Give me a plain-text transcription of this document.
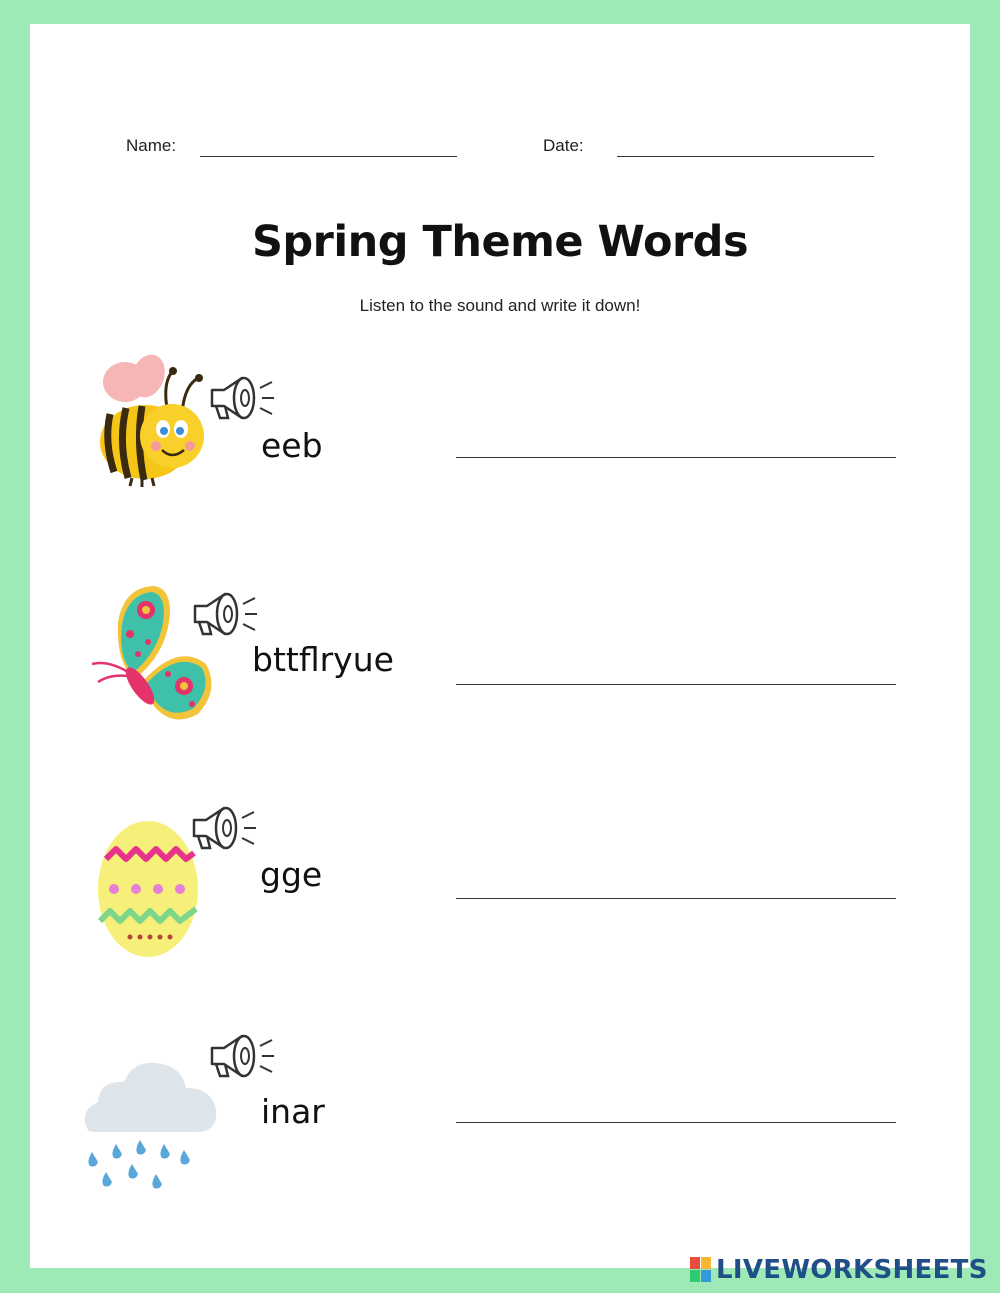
Name:	Date:
Spring Theme Words
Listen to the sound and write it down!
eeb
bttflryue
gge
inar
LIVEWORKSHEETS
